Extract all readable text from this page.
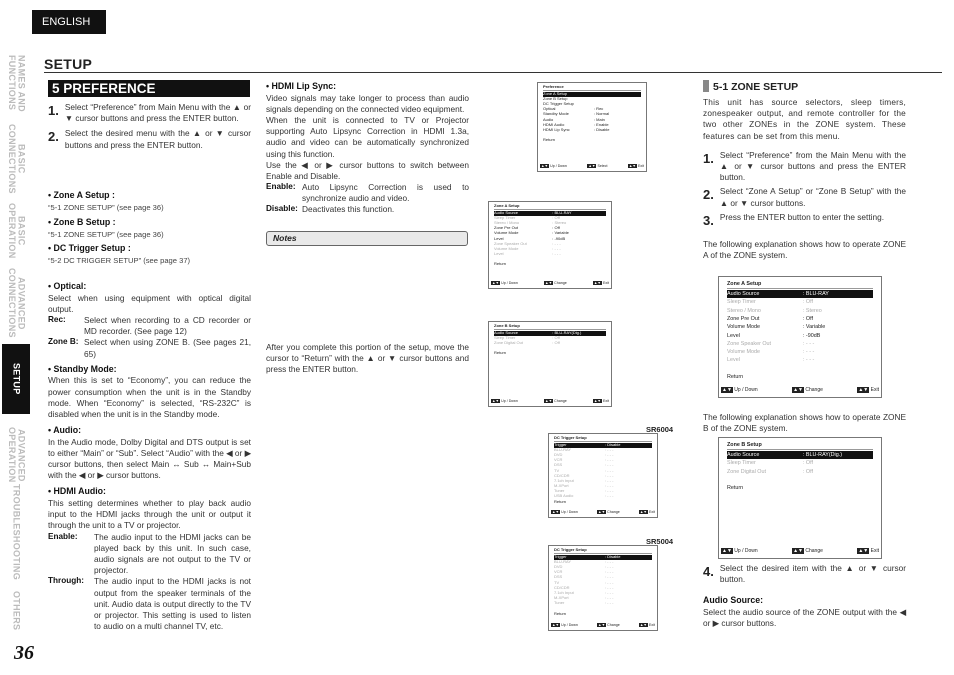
ENGLISH
NAMES AND
FUNCTIONS
BASIC
CONNECTIONS
BASIC
OPERATION
ADVANCED
CONNECTIONS
SETUP
ADVANCED
OPERATION
TROUBLESHOOTING
OTHERS
36
SETUP
5 PREFERENCE
1. Select “Preference” from Main Menu with the ▲ or ▼ cursor buttons and press the ENTER button.
2. Select the desired menu with the ▲ or ▼ cursor buttons and press the ENTER button.
• Zone A Setup :
“5-1 ZONE SETUP” (see page 36)
• Zone B Setup :
“5-1 ZONE SETUP” (see page 36)
• DC Trigger Setup :
“5-2 DC TRIGGER SETUP” (see page 37)
• Optical:
Select when using equipment with optical digital output.
Rec:	Select when recording to a CD recorder or MD recorder. (See page 12)
Zone B: Select when using ZONE B. (See pages 21, 65)
• Standby Mode:
When this is set to “Economy”, you can reduce the power consumption when the unit is in the Standby mode. When “Economy” is selected, “RS-232C” is disabled when the unit is in the Standby mode.
• Audio:
In the Audio mode, Dolby Digital and DTS output is set to either “Main” or “Sub”. Select “Audio” with the ◀ or ▶ cursor buttons, then select Main ↔ Sub ↔ Main+Sub with the ◀ or ▶ cursor buttons.
• HDMI Audio:
This setting determines whether to play back audio input to the HDMI jacks through the unit or output it through the unit to a TV or projector.
Enable:	The audio input to the HDMI jacks can be played back by this unit. In such case, audio signals are not output to the TV or projector.
Through:	The audio input to the HDMI jacks is not output from the speaker terminals of the unit. Audio data is output directly to the TV or projector. This setting is used to listen to audio on a multi channel TV, etc.
• HDMI Lip Sync:
Video signals may take longer to process than audio signals depending on the connected video equipment.
When the unit is connected to TV or Projector supporting Auto Lipsync Correction in HDMI 1.3a, audio and video can be automatically synchronized using this function.
Use the ◀ or ▶ cursor buttons to switch between Enable and Disable.
Enable: Auto Lipsync Correction is used to synchronize audio and video.
Disable: Deactivates this function.
Notes
After you complete this portion of the setup, move the cursor to “Return” with the ▲ or ▼ cursor buttons and press the ENTER button.
Preference
Zone A Setup
Zone B Setup
DC Trigger Setup
Optical	: Rec
Standby Mode	: Normal
Audio	: Main
HDMI Audio	: Enable
HDMI Lip Sync	: Disable
Return
▲▼ Up / Down	▲▼ Select	▲▼ Exit
Zone A Setup
Audio Source	: BLU-RAY
Sleep Timer	: Off
Stereo / Mono	: Stereo
Zone Pre Out	: Off
Volume Mode	: Variable
Level	: -90dB
Zone Speaker Out	: - - -
Volume Mode	: - - -
Level	: - - -
Return
▲▼ Up / Down	▲▼ Change	▲▼ Exit
Zone B Setup
Audio Source	: BLU-RAY(Dig.)
Sleep Timer	: Off
Zone Digital Out	: Off
Return
▲▼ Up / Down	▲▼ Change	▲▼ Exit
DC Trigger Setup
Trigger	: Disable
BLU-RAY	: - - -
DVD	: - - -
VCR	: - - -
DSS	: - - -
TV	: - - -
CD/CDR	: - - -
7.1ch Input	: - - -
M-XPort	: - - -
Tuner	: - - -
USB Audio	: - - -
Return
▲▼ Up / Down	▲▼ Change	▲▼ Exit
DC Trigger Setup
Trigger	: Disable
BLU-RAY	: - - -
DVD	: - - -
VCR	: - - -
DSS	: - - -
TV	: - - -
CD/CDR	: - - -
7.1ch Input	: - - -
M-XPort	: - - -
Tuner	: - - -
Return
▲▼ Up / Down	▲▼ Change	▲▼ Exit
SR6004
SR5004
5-1 ZONE SETUP
This unit has source selectors, sleep timers, zonespeaker output, and remote controller for the two other ZONEs in the ZONE system. These features can be set from this menu.
1. Select “Preference” from the Main Menu with the ▲ or ▼ cursor buttons and press the ENTER button.
2. Select “Zone A Setup” or “Zone B Setup” with the ▲ or ▼ cursor buttons.
3. Press the ENTER button to enter the setting.
The following explanation shows how to operate ZONE A of the ZONE system.
The following explanation shows how to operate ZONE B of the ZONE system.
4. Select the desired item with the ▲ or ▼ cursor button.
Audio Source:
Select the audio source of the ZONE output with the ◀ or ▶ cursor buttons.
Zone A Setup
Audio Source	: BLU-RAY
Sleep Timer	: Off
Stereo / Mono	: Stereo
Zone Pre Out	: Off
Volume Mode	: Variable
Level	: -90dB
Zone Speaker Out	: - - -
Volume Mode	: - - -
Level	: - - -
Return
▲▼ Up / Down	▲▼ Change	▲▼ Exit
Zone B Setup
Audio Source	: BLU-RAY(Dig.)
Sleep Timer	: Off
Zone Digital Out	: Off
Return
▲▼ Up / Down	▲▼ Change	▲▼ Exit
